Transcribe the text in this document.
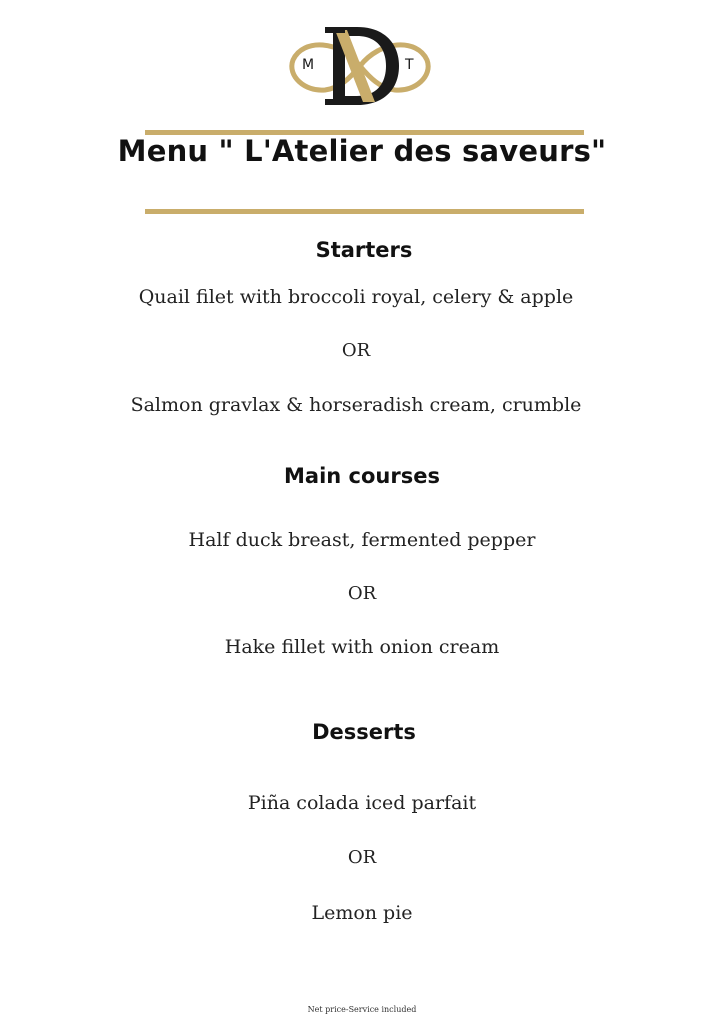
M	T
Menu " L'Atelier des saveurs"
Starters
Quail filet with broccoli royal, celery & apple
OR
Salmon gravlax & horseradish cream, crumble
Main courses
Half duck breast, fermented pepper
OR
Hake fillet with onion cream
Desserts
Piña colada iced parfait
OR
Lemon pie
Net price-Service included
